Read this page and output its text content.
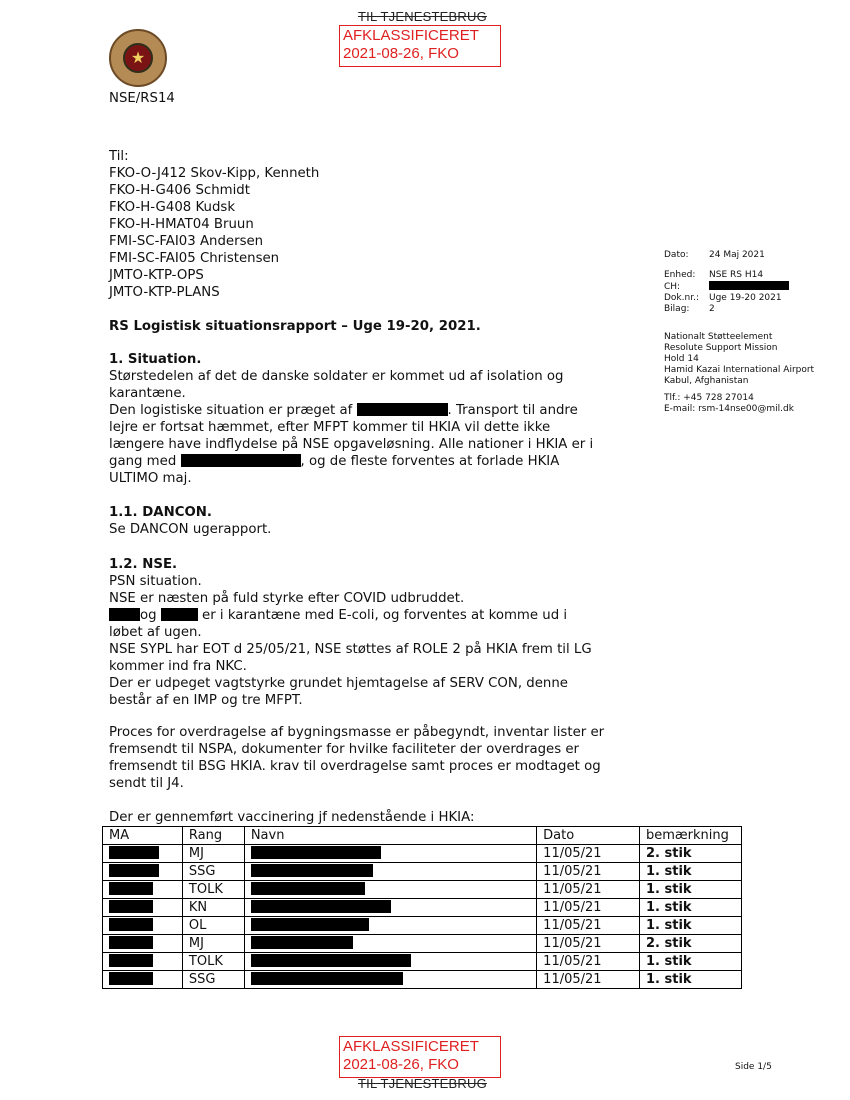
TIL TJENESTEBRUG
AFKLASSIFICERET
2021-08-26, FKO
★
NSE/RS14
Til:
FKO-O-J412 Skov-Kipp, Kenneth
FKO-H-G406 Schmidt
FKO-H-G408 Kudsk
FKO-H-HMAT04 Bruun
FMI-SC-FAI03 Andersen
FMI-SC-FAI05 Christensen
JMTO-KTP-OPS
JMTO-KTP-PLANS
Dato: 24 Maj 2021
Enhed: NSE RS H14
CH:
Dok.nr.: Uge 19-20 2021
Bilag: 2
Nationalt Støtteelement
Resolute Support Mission
Hold 14
Hamid Kazai International Airport
Kabul, Afghanistan
Tlf.: +45 728 27014
E-mail: rsm-14nse00@mil.dk
RS Logistisk situationsrapport – Uge 19-20, 2021.
1. Situation.
Størstedelen af det de danske soldater er kommet ud af isolation og
karantæne.
Den logistiske situation er præget af	. Transport til andre
lejre er fortsat hæmmet, efter MFPT kommer til HKIA vil dette ikke
længere have indflydelse på NSE opgaveløsning. Alle nationer i HKIA er i
gang med	, og de fleste forventes at forlade HKIA
ULTIMO maj.
1.1. DANCON.
Se DANCON ugerapport.
1.2. NSE.
PSN situation.
NSE er næsten på fuld styrke efter COVID udbruddet.
og	er i karantæne med E-coli, og forventes at komme ud i
løbet af ugen.
NSE SYPL har EOT d 25/05/21, NSE støttes af ROLE 2 på HKIA frem til LG
kommer ind fra NKC.
Der er udpeget vagtstyrke grundet hjemtagelse af SERV CON, denne
består af en IMP og tre MFPT.
Proces for overdragelse af bygningsmasse er påbegyndt, inventar lister er
fremsendt til NSPA, dokumenter for hvilke faciliteter der overdrages er
fremsendt til BSG HKIA. krav til overdragelse samt proces er modtaget og
sendt til J4.
Der er gennemført vaccinering jf nedenstående i HKIA:
MA	Rang	Navn	Dato	bemærkning
	MJ		11/05/21	2. stik
	SSG		11/05/21	1. stik
	TOLK		11/05/21	1. stik
	KN		11/05/21	1. stik
	OL		11/05/21	1. stik
	MJ		11/05/21	2. stik
	TOLK		11/05/21	1. stik
	SSG		11/05/21	1. stik
AFKLASSIFICERET
2021-08-26, FKO
TIL TJENESTEBRUG
Side 1/5
